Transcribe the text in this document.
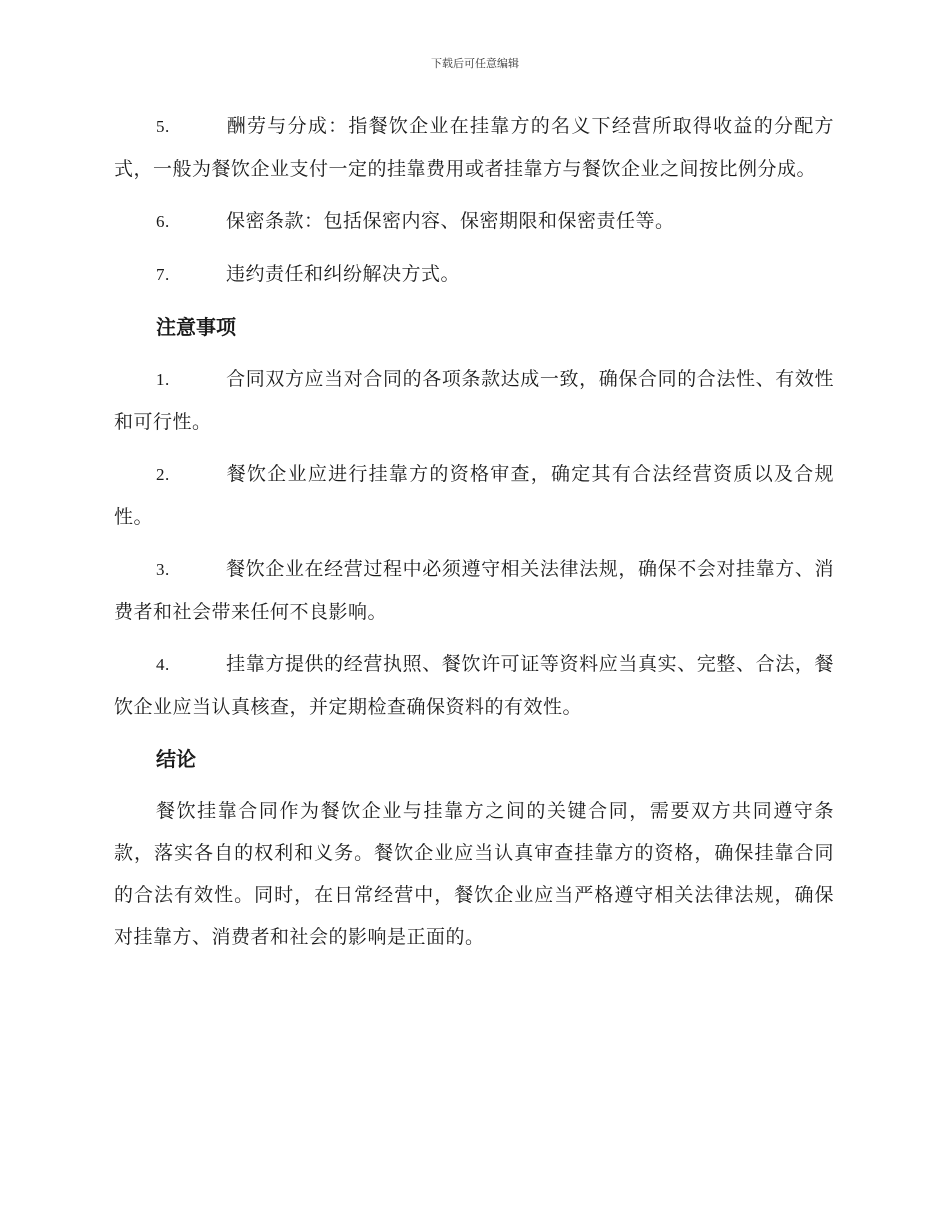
下载后可任意编辑

5.	酬劳与分成：指餐饮企业在挂靠方的名义下经营所取得收益的分配方式，一般为餐饮企业支付一定的挂靠费用或者挂靠方与餐饮企业之间按比例分成。

6.	保密条款：包括保密内容、保密期限和保密责任等。

7.	违约责任和纠纷解决方式。

注意事项

1.	合同双方应当对合同的各项条款达成一致，确保合同的合法性、有效性和可行性。

2.	餐饮企业应进行挂靠方的资格审查，确定其有合法经营资质以及合规性。

3.	餐饮企业在经营过程中必须遵守相关法律法规，确保不会对挂靠方、消费者和社会带来任何不良影响。

4.	挂靠方提供的经营执照、餐饮许可证等资料应当真实、完整、合法，餐饮企业应当认真核查，并定期检查确保资料的有效性。

结论

餐饮挂靠合同作为餐饮企业与挂靠方之间的关键合同，需要双方共同遵守条款，落实各自的权利和义务。餐饮企业应当认真审查挂靠方的资格，确保挂靠合同的合法有效性。同时，在日常经营中，餐饮企业应当严格遵守相关法律法规，确保对挂靠方、消费者和社会的影响是正面的。
